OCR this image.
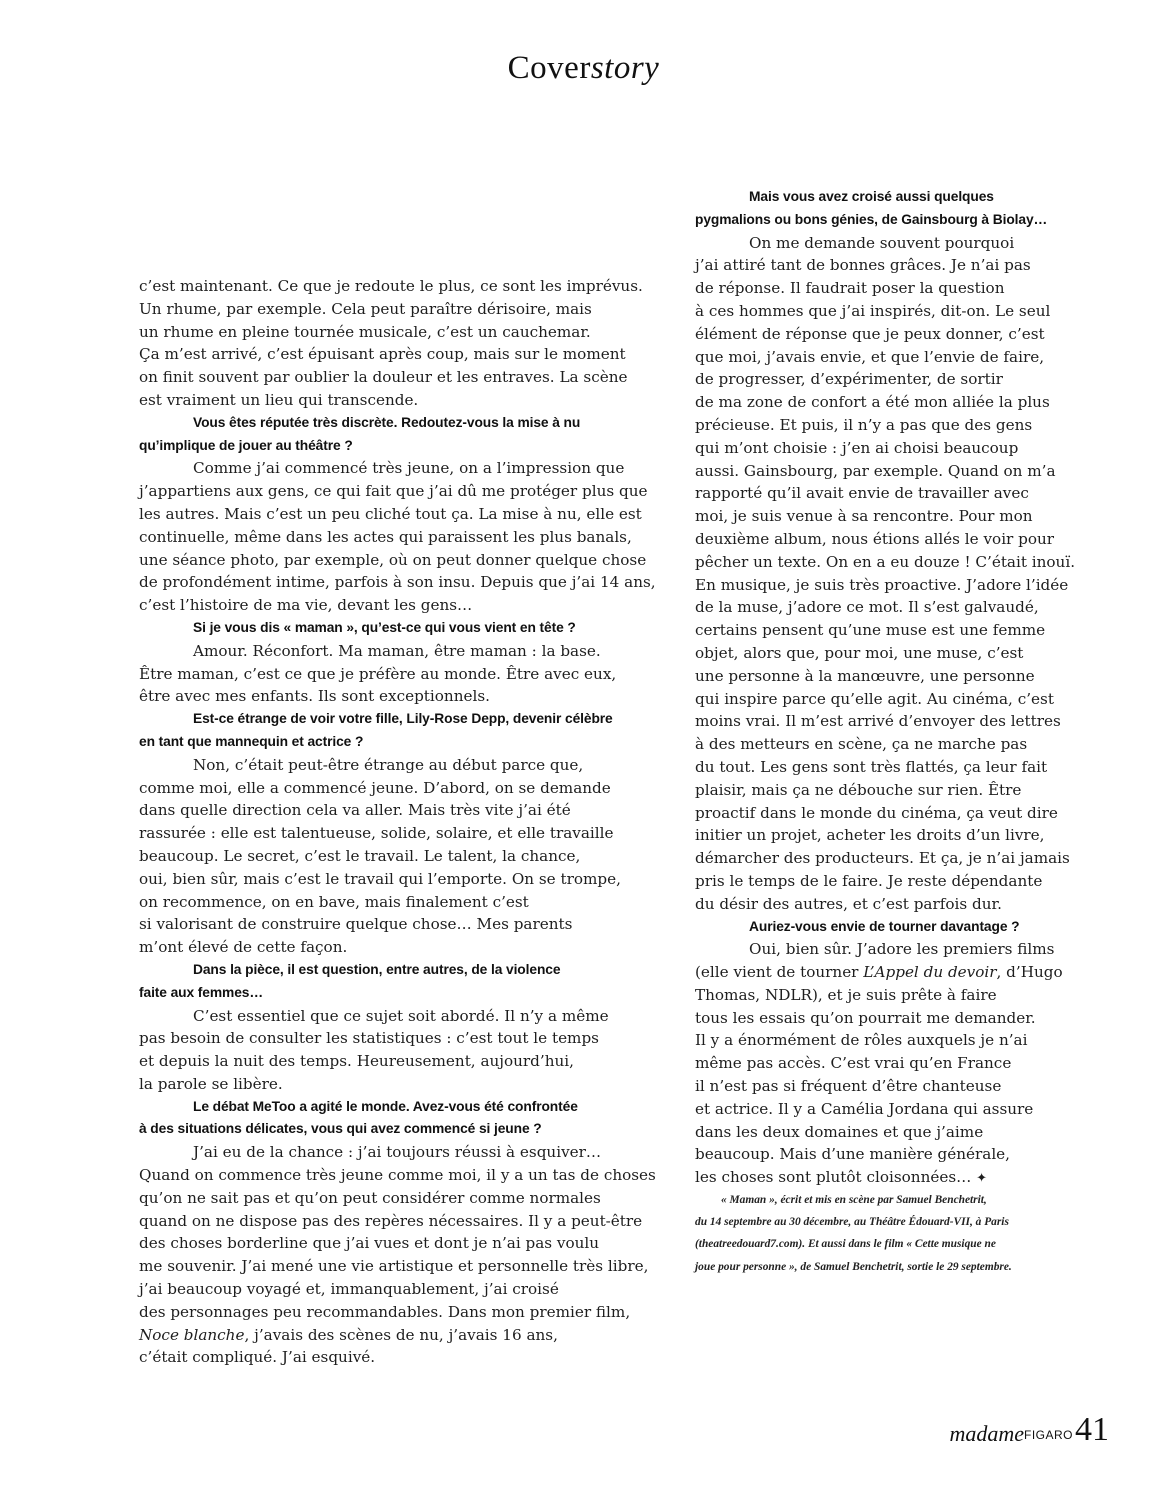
Coverstory
c’est maintenant. Ce que je redoute le plus, ce sont les imprévus.
Un rhume, par exemple. Cela peut paraître dérisoire, mais
un rhume en pleine tournée musicale, c’est un cauchemar.
Ça m’est arrivé, c’est épuisant après coup, mais sur le moment
on finit souvent par oublier la douleur et les entraves. La scène
est vraiment un lieu qui transcende.
Vous êtes réputée très discrète. Redoutez-vous la mise à nu
qu’implique de jouer au théâtre ?
Comme j’ai commencé très jeune, on a l’impression que
j’appartiens aux gens, ce qui fait que j’ai dû me protéger plus que
les autres. Mais c’est un peu cliché tout ça. La mise à nu, elle est
continuelle, même dans les actes qui paraissent les plus banals,
une séance photo, par exemple, où on peut donner quelque chose
de profondément intime, parfois à son insu. Depuis que j’ai 14 ans,
c’est l’histoire de ma vie, devant les gens…
Si je vous dis « maman », qu’est-ce qui vous vient en tête ?
Amour. Réconfort. Ma maman, être maman : la base.
Être maman, c’est ce que je préfère au monde. Être avec eux,
être avec mes enfants. Ils sont exceptionnels.
Est-ce étrange de voir votre fille, Lily-Rose Depp, devenir célèbre
en tant que mannequin et actrice ?
Non, c’était peut-être étrange au début parce que,
comme moi, elle a commencé jeune. D’abord, on se demande
dans quelle direction cela va aller. Mais très vite j’ai été
rassurée : elle est talentueuse, solide, solaire, et elle travaille
beaucoup. Le secret, c’est le travail. Le talent, la chance,
oui, bien sûr, mais c’est le travail qui l’emporte. On se trompe,
on recommence, on en bave, mais finalement c’est
si valorisant de construire quelque chose… Mes parents
m’ont élevé de cette façon.
Dans la pièce, il est question, entre autres, de la violence
faite aux femmes…
C’est essentiel que ce sujet soit abordé. Il n’y a même
pas besoin de consulter les statistiques : c’est tout le temps
et depuis la nuit des temps. Heureusement, aujourd’hui,
la parole se libère.
Le débat MeToo a agité le monde. Avez-vous été confrontée
à des situations délicates, vous qui avez commencé si jeune ?
J’ai eu de la chance : j’ai toujours réussi à esquiver…
Quand on commence très jeune comme moi, il y a un tas de choses
qu’on ne sait pas et qu’on peut considérer comme normales
quand on ne dispose pas des repères nécessaires. Il y a peut-être
des choses borderline que j’ai vues et dont je n’ai pas voulu
me souvenir. J’ai mené une vie artistique et personnelle très libre,
j’ai beaucoup voyagé et, immanquablement, j’ai croisé
des personnages peu recommandables. Dans mon premier film,
Noce blanche, j’avais des scènes de nu, j’avais 16 ans,
c’était compliqué. J’ai esquivé.
Mais vous avez croisé aussi quelques
pygmalions ou bons génies, de Gainsbourg à Biolay…
On me demande souvent pourquoi
j’ai attiré tant de bonnes grâces. Je n’ai pas
de réponse. Il faudrait poser la question
à ces hommes que j’ai inspirés, dit-on. Le seul
élément de réponse que je peux donner, c’est
que moi, j’avais envie, et que l’envie de faire,
de progresser, d’expérimenter, de sortir
de ma zone de confort a été mon alliée la plus
précieuse. Et puis, il n’y a pas que des gens
qui m’ont choisie : j’en ai choisi beaucoup
aussi. Gainsbourg, par exemple. Quand on m’a
rapporté qu’il avait envie de travailler avec
moi, je suis venue à sa rencontre. Pour mon
deuxième album, nous étions allés le voir pour
pêcher un texte. On en a eu douze ! C’était inouï.
En musique, je suis très proactive. J’adore l’idée
de la muse, j’adore ce mot. Il s’est galvaudé,
certains pensent qu’une muse est une femme
objet, alors que, pour moi, une muse, c’est
une personne à la manœuvre, une personne
qui inspire parce qu’elle agit. Au cinéma, c’est
moins vrai. Il m’est arrivé d’envoyer des lettres
à des metteurs en scène, ça ne marche pas
du tout. Les gens sont très flattés, ça leur fait
plaisir, mais ça ne débouche sur rien. Être
proactif dans le monde du cinéma, ça veut dire
initier un projet, acheter les droits d’un livre,
démarcher des producteurs. Et ça, je n’ai jamais
pris le temps de le faire. Je reste dépendante
du désir des autres, et c’est parfois dur.
Auriez-vous envie de tourner davantage ?
Oui, bien sûr. J’adore les premiers films
(elle vient de tourner L’Appel du devoir, d’Hugo
Thomas, NDLR), et je suis prête à faire
tous les essais qu’on pourrait me demander.
Il y a énormément de rôles auxquels je n’ai
même pas accès. C’est vrai qu’en France
il n’est pas si fréquent d’être chanteuse
et actrice. Il y a Camélia Jordana qui assure
dans les deux domaines et que j’aime
beaucoup. Mais d’une manière générale,
les choses sont plutôt cloisonnées… ✦
« Maman », écrit et mis en scène par Samuel Benchetrit,
du 14 septembre au 30 décembre, au Théâtre Édouard-VII, à Paris
(theatreedouard7.com). Et aussi dans le film « Cette musique ne
joue pour personne », de Samuel Benchetrit, sortie le 29 septembre.
madame FIGARO 41
